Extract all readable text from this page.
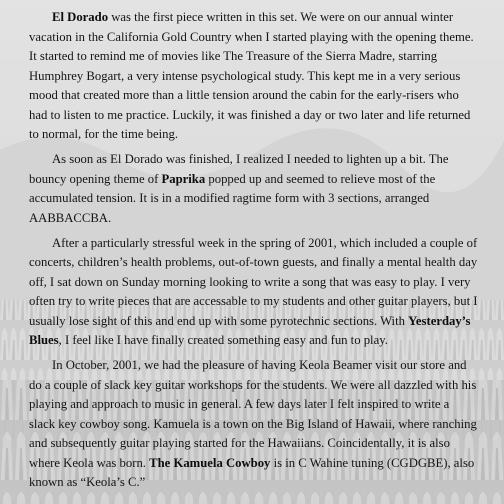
El Dorado was the first piece written in this set. We were on our annual winter vacation in the California Gold Country when I started playing with the opening theme. It started to remind me of movies like The Treasure of the Sierra Madre, starring Humphrey Bogart, a very intense psychological study. This kept me in a very serious mood that created more than a little tension around the cabin for the early-risers who had to listen to me practice. Luckily, it was finished a day or two later and life returned to normal, for the time being.

As soon as El Dorado was finished, I realized I needed to lighten up a bit. The bouncy opening theme of Paprika popped up and seemed to relieve most of the accumulated tension. It is in a modified ragtime form with 3 sections, arranged AABBACCBA.

After a particularly stressful week in the spring of 2001, which included a couple of concerts, children’s health problems, out-of-town guests, and finally a mental health day off, I sat down on Sunday morning looking to write a song that was easy to play. I very often try to write pieces that are accessable to my students and other guitar players, but I usually lose sight of this and end up with some pyrotechnic sections. With Yesterday’s Blues, I feel like I have finally created something easy and fun to play.

In October, 2001, we had the pleasure of having Keola Beamer visit our store and do a couple of slack key guitar workshops for the students. We were all dazzled with his playing and approach to music in general. A few days later I felt inspired to write a slack key cowboy song. Kamuela is a town on the Big Island of Hawaii, where ranching and subsequently guitar playing started for the Hawaiians. Coincidentally, it is also where Keola was born. The Kamuela Cowboy is in C Wahine tuning (CGDGBE), also known as “Keola’s C.”
